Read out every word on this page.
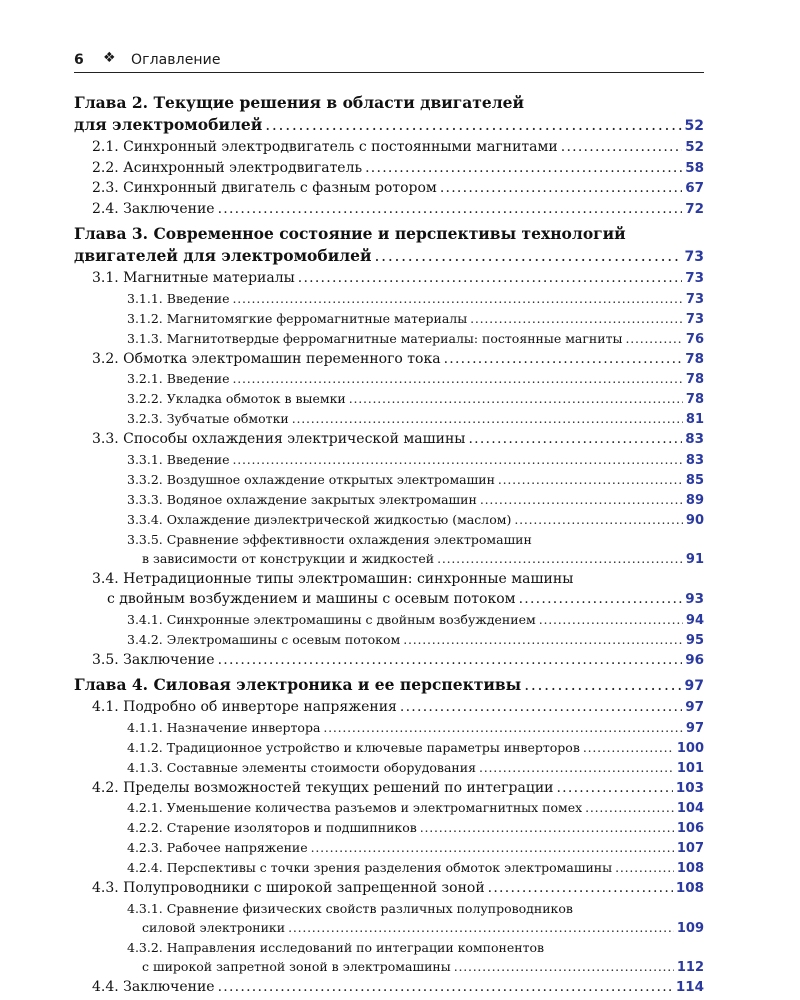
6 ❖ Оглавление
Глава 2. Текущие решения в области двигателей
для электромобилей . . .	52
2.1. Синхронный электродвигатель с постоянными магнитами . . .	52
2.2. Асинхронный электродвигатель . . .	58
2.3. Синхронный двигатель с фазным ротором . . .	67
2.4. Заключение . . .	72
Глава 3. Современное состояние и перспективы технологий
двигателей для электромобилей . . .	73
3.1. Магнитные материалы . . .	73
3.1.1. Введение . . .	73
3.1.2. Магнитомягкие ферромагнитные материалы . . .	73
3.1.3. Магнитотвердые ферромагнитные материалы: постоянные магниты . . .	76
3.2. Обмотка электромашин переменного тока . . .	78
3.2.1. Введение . . .	78
3.2.2. Укладка обмоток в выемки . . .	78
3.2.3. Зубчатые обмотки . . .	81
3.3. Способы охлаждения электрической машины . . .	83
3.3.1. Введение . . .	83
3.3.2. Воздушное охлаждение открытых электромашин . . .	85
3.3.3. Водяное охлаждение закрытых электромашин . . .	89
3.3.4. Охлаждение диэлектрической жидкостью (маслом) . . .	90
3.3.5. Сравнение эффективности охлаждения электромашин
в зависимости от конструкции и жидкостей . . .	91
3.4. Нетрадиционные типы электромашин: синхронные машины
с двойным возбуждением и машины с осевым потоком . . .	93
3.4.1. Синхронные электромашины с двойным возбуждением . . .	94
3.4.2. Электромашины с осевым потоком . . .	95
3.5. Заключение . . .	96
Глава 4. Силовая электроника и ее перспективы . . .	97
4.1. Подробно об инверторе напряжения . . .	97
4.1.1. Назначение инвертора . . .	97
4.1.2. Традиционное устройство и ключевые параметры инверторов . . .	100
4.1.3. Составные элементы стоимости оборудования . . .	101
4.2. Пределы возможностей текущих решений по интеграции . . .	103
4.2.1. Уменьшение количества разъемов и электромагнитных помех . . .	104
4.2.2. Старение изоляторов и подшипников . . .	106
4.2.3. Рабочее напряжение . . .	107
4.2.4. Перспективы с точки зрения разделения обмоток электромашины . . .	108
4.3. Полупроводники с широкой запрещенной зоной . . .	108
4.3.1. Сравнение физических свойств различных полупроводников
силовой электроники . . .	109
4.3.2. Направления исследований по интеграции компонентов
с широкой запретной зоной в электромашины . . .	112
4.4. Заключение . . .	114
